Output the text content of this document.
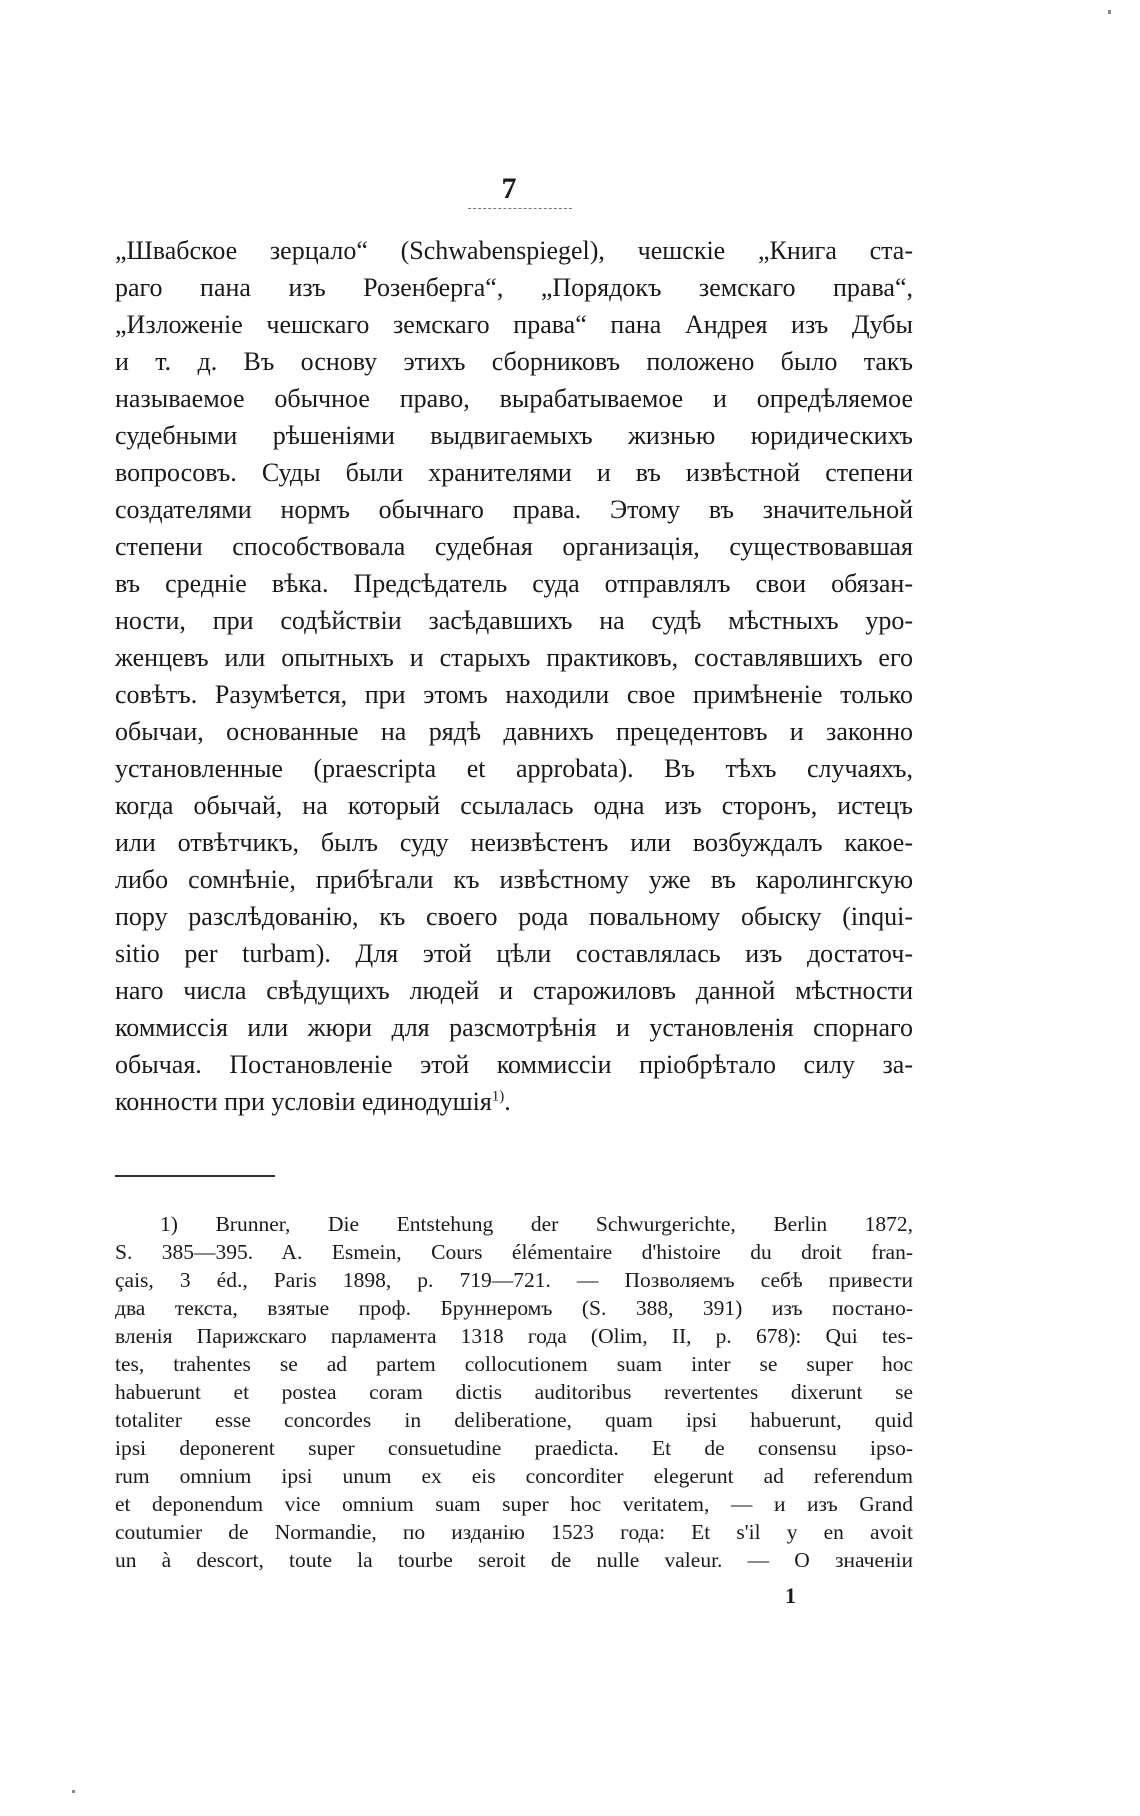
7
„Швабское зерцало“ (Schwabenspiegel), чешскіе „Книга ста-
раго пана изъ Розенберга“, „Порядокъ земскаго права“,
„Изложеніе чешскаго земскаго права“ пана Андрея изъ Дубы
и т. д. Въ основу этихъ сборниковъ положено было такъ
называемое обычное право, вырабатываемое и опредѣляемое
судебными рѣшеніями выдвигаемыхъ жизнью юридическихъ
вопросовъ. Суды были хранителями и въ извѣстной степени
создателями нормъ обычнаго права. Этому въ значительной
степени способствовала судебная организація, существовавшая
въ средніе вѣка. Предсѣдатель суда отправлялъ свои обязан-
ности, при содѣйствіи засѣдавшихъ на судѣ мѣстныхъ уро-
женцевъ или опытныхъ и старыхъ практиковъ, составлявшихъ его
совѣтъ. Разумѣется, при этомъ находили свое примѣненіе только
обычаи, основанные на рядѣ давнихъ прецедентовъ и законно
установленные (praescripta et approbata). Въ тѣхъ случаяхъ,
когда обычай, на который ссылалась одна изъ сторонъ, истецъ
или отвѣтчикъ, былъ суду неизвѣстенъ или возбуждалъ какое-
либо сомнѣніе, прибѣгали къ извѣстному уже въ каролингскую
пору разслѣдованію, къ своего рода повальному обыску (inqui-
sitio per turbam). Для этой цѣли составлялась изъ достаточ-
наго числа свѣдущихъ людей и старожиловъ данной мѣстности
коммиссія или жюри для разсмотрѣнія и установленія спорнаго
обычая. Постановленіе этой коммиссіи пріобрѣтало силу за-
конности при условіи единодушія$^{1)}$.
1) Brunner, Die Entstehung der Schwurgerichte, Berlin 1872,
S. 385—395. A. Esmein, Cours élémentaire d'histoire du droit fran-
çais, 3 éd., Paris 1898, p. 719—721. — Позволяемъ себѣ привести
два текста, взятые проф. Бруннеромъ (S. 388, 391) изъ постано-
вленія Парижскаго парламента 1318 года (Olim, II, p. 678): Qui tes-
tes, trahentes se ad partem collocutionem suam inter se super hoc
habuerunt et postea coram dictis auditoribus revertentes dixerunt se
totaliter esse concordes in deliberatione, quam ipsi habuerunt, quid
ipsi deponerent super consuetudine praedicta. Et de consensu ipso-
rum omnium ipsi unum ex eis concorditer elegerunt ad referendum
et deponendum vice omnium suam super hoc veritatem, — и изъ Grand
coutumier de Normandie, по изданію 1523 года: Et s'il y en avoit
un à descort, toute la tourbe seroit de nulle valeur. — О значеніи
1
